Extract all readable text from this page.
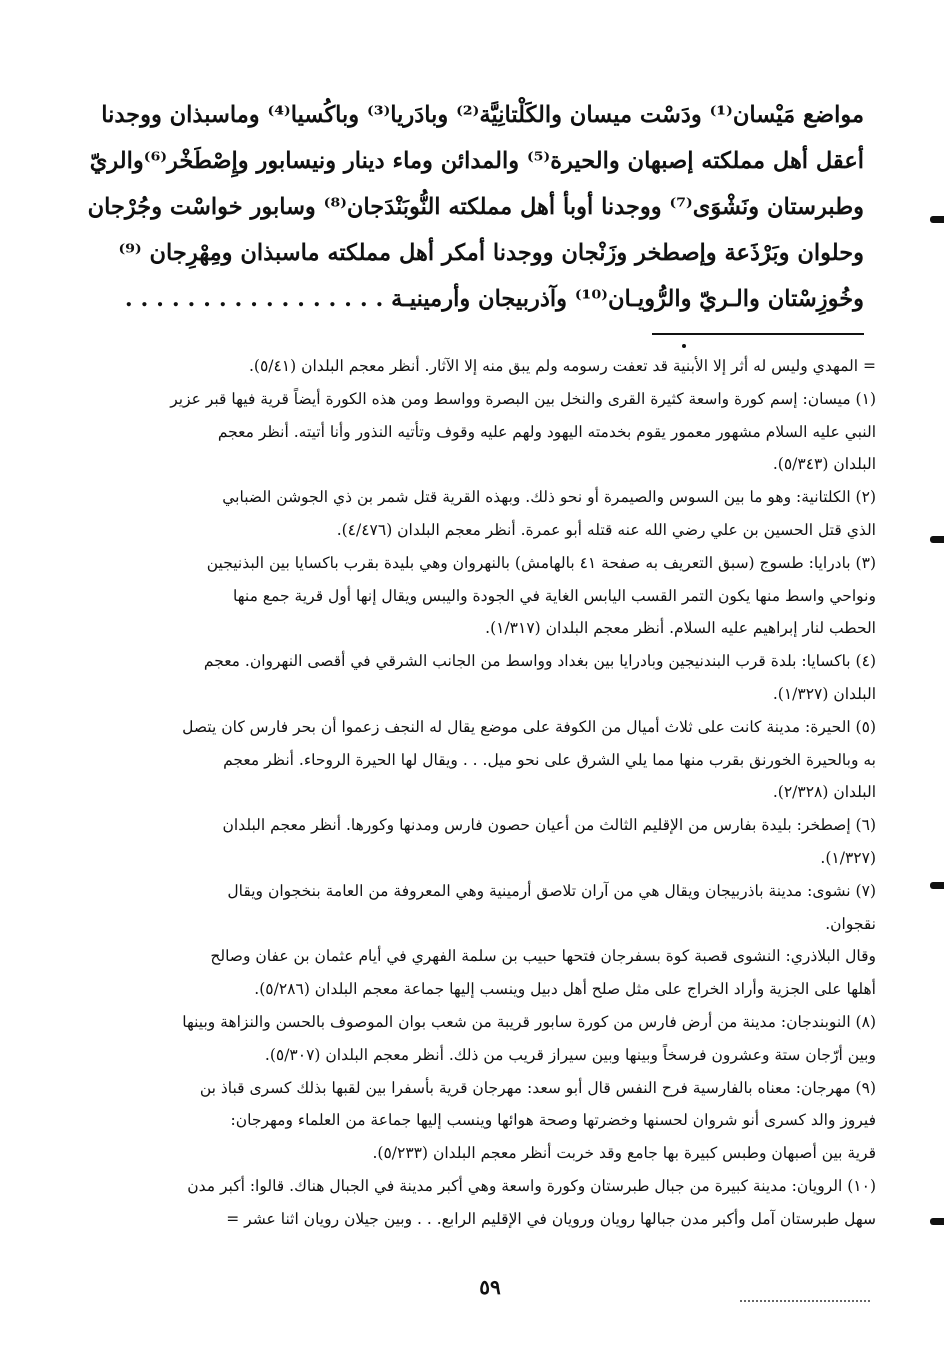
مواضع مَيْسان⁽¹⁾ ودَسْت ميسان والكَلْتانِيَّة⁽²⁾ وبادَريا⁽³⁾ وباكُسيا⁽⁴⁾ وماسبذان ووجدنا
أعقل أهل مملكته إصبهان والحيرة⁽⁵⁾ والمدائن وماء دينار ونيسابور وإِصْطَخْر⁽⁶⁾والريّ
وطبرستان ونَشْوَى⁽⁷⁾ ووجدنا أوبأ أهل مملكته النُّوبَنْدَجان⁽⁸⁾ وسابور خواسْت وجُرْجان
وحلوان وبَرْذَعة وإصطخر وزَنْجان ووجدنا أمكر أهل مملكته ماسبذان ومِهْرِجان ⁽⁹⁾
وخُوزِسْتان والـريّ والرُّويـان⁽¹⁰⁾ وآذربيجان وأرمينيـة . . . . . . . . . . . . . . . . .
= المهدي وليس له أثر إلا الأبنية قد تعفت رسومه ولم يبق منه إلا الآثار. أنظر معجم البلدان (٥/٤١).
(١) ميسان: إسم كورة واسعة كثيرة القرى والنخل بين البصرة وواسط ومن هذه الكورة أيضاً قرية فيها قبر عزير
النبي عليه السلام مشهور معمور يقوم بخدمته اليهود ولهم عليه وقوف وتأتيه النذور وأنا أتيته. أنظر معجم
البلدان (٥/٣٤٣).
(٢) الكلتانية: وهو ما بين السوس والصيمرة أو نحو ذلك. وبهذه القرية قتل شمر بن ذي الجوشن الضبابي
الذي قتل الحسين بن علي رضي الله عنه قتله أبو عمرة. أنظر معجم البلدان (٤/٤٧٦).
(٣) بادرايا: طسوج (سبق التعريف به صفحة ٤١ بالهامش) بالنهروان وهي بليدة بقرب باكسايا بين البذنيجين
ونواحي واسط منها يكون التمر القسب اليابس الغاية في الجودة واليبس ويقال إنها أول قرية جمع منها
الحطب لنار إبراهيم عليه السلام. أنظر معجم البلدان (١/٣١٧).
(٤) باكسايا: بلدة قرب البندنيجين وبادرايا بين بغداد وواسط من الجانب الشرقي في أقصى النهروان. معجم
البلدان (١/٣٢٧).
(٥) الحيرة: مدينة كانت على ثلاث أميال من الكوفة على موضع يقال له النجف زعموا أن بحر فارس كان يتصل
به وبالحيرة الخورنق بقرب منها مما يلي الشرق على نحو ميل. . . ويقال لها الحيرة الروحاء. أنظر معجم
البلدان (٢/٣٢٨).
(٦) إصطخر: بليدة بفارس من الإقليم الثالث من أعيان حصون فارس ومدنها وكورها. أنظر معجم البلدان
(١/٣٢٧).
(٧) نشوى: مدينة باذربيجان ويقال هي من آران تلاصق أرمينية وهي المعروفة من العامة بنخجوان ويقال
نقجوان.
وقال البلاذري: النشوى قصبة كوة بسفرجان فتحها حبيب بن سلمة الفهري في أيام عثمان بن عفان وصالح
أهلها على الجزية وأراد الخراج على مثل صلح أهل دبيل وينسب إليها جماعة معجم البلدان (٥/٢٨٦).
(٨) النوبندجان: مدينة من أرض فارس من كورة سابور قريبة من شعب بوان الموصوف بالحسن والنزاهة وبينها
وبين أرّجان ستة وعشرون فرسخاً وبينها وبين سيراز قريب من ذلك. أنظر معجم البلدان (٥/٣٠٧).
(٩) مهرجان: معناه بالفارسية فرح النفس قال أبو سعد: مهرجان قرية بأسفرا بين لقبها بذلك كسرى قباذ بن
فيروز والد كسرى أنو شروان لحسنها وخضرتها وصحة هوائها وينسب إليها جماعة من العلماء ومهرجان:
قرية بين أصبهان وطبس كبيرة بها جامع وقد خربت أنظر معجم البلدان (٥/٢٣٣).
(١٠) الرويان: مدينة كبيرة من جبال طبرستان وكورة واسعة وهي أكبر مدينة في الجبال هناك. قالوا: أكبر مدن
سهل طبرستان آمل وأكبر مدن جبالها رويان ورويان في الإقليم الرابع. . . وبين جيلان رويان اثنا عشر =
٥٩
